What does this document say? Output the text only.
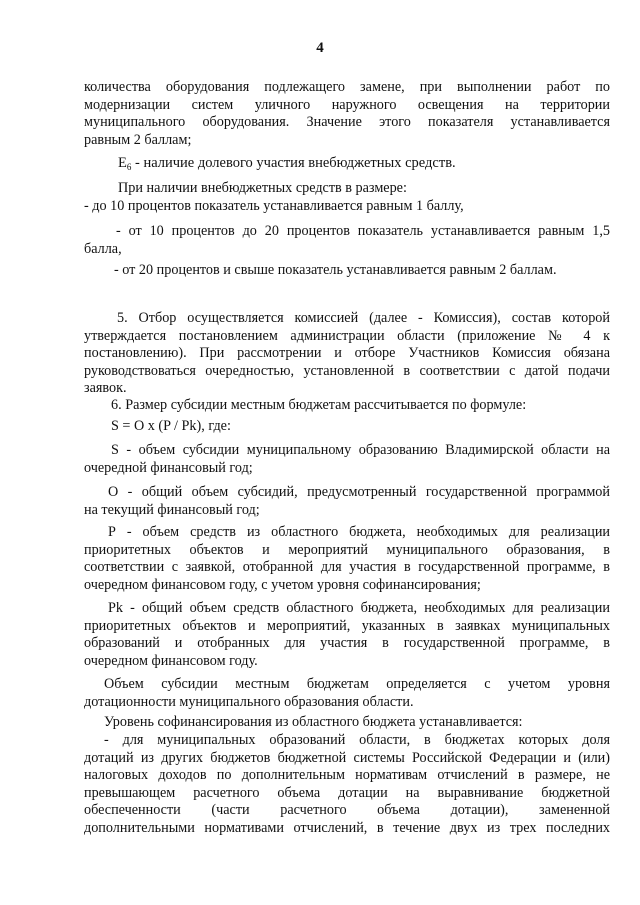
4

количества оборудования подлежащего замене, при выполнении работ по

модернизации систем уличного наружного освещения на территории

муниципального оборудования. Значение этого показателя устанавливается

равным 2 баллам;

$Е_6$ - наличие долевого участия внебюджетных средств.

При наличии внебюджетных средств в размере:

- до 10 процентов показатель устанавливается равным 1 баллу,

- от 10 процентов до 20 процентов показатель устанавливается равным 1,5

балла,

- от 20 процентов и свыше показатель устанавливается равным 2 баллам.

5. Отбор осуществляется комиссией (далее - Комиссия), состав которой

утверждается постановлением администрации области (приложение № 4 к

постановлению). При рассмотрении и отборе Участников Комиссия обязана

руководствоваться очередностью, установленной в соответствии с датой подачи

заявок.

6. Размер субсидии местным бюджетам рассчитывается по формуле:

S = O x (P / Pk), где:

S - объем субсидии муниципальному образованию Владимирской области на

очередной финансовый год;

О - общий объем субсидий, предусмотренный государственной программой

на текущий финансовый год;

Р - объем средств из областного бюджета, необходимых для реализации

приоритетных объектов и мероприятий муниципального образования, в

соответствии с заявкой, отобранной для участия в государственной программе, в

очередном финансовом году, с учетом уровня софинансирования;

Pk - общий объем средств областного бюджета, необходимых для реализации

приоритетных объектов и мероприятий, указанных в заявках муниципальных

образований и отобранных для участия в государственной программе, в

очередном финансовом году.

Объем субсидии местным бюджетам определяется с учетом уровня

дотационности муниципального образования области.

Уровень софинансирования из областного бюджета устанавливается:

- для муниципальных образований области, в бюджетах которых доля

дотаций из других бюджетов бюджетной системы Российской Федерации и (или)

налоговых доходов по дополнительным нормативам отчислений в размере, не

превышающем расчетного объема дотации на выравнивание бюджетной

обеспеченности (части расчетного объема дотации), замененной

дополнительными нормативами отчислений, в течение двух из трех последних
